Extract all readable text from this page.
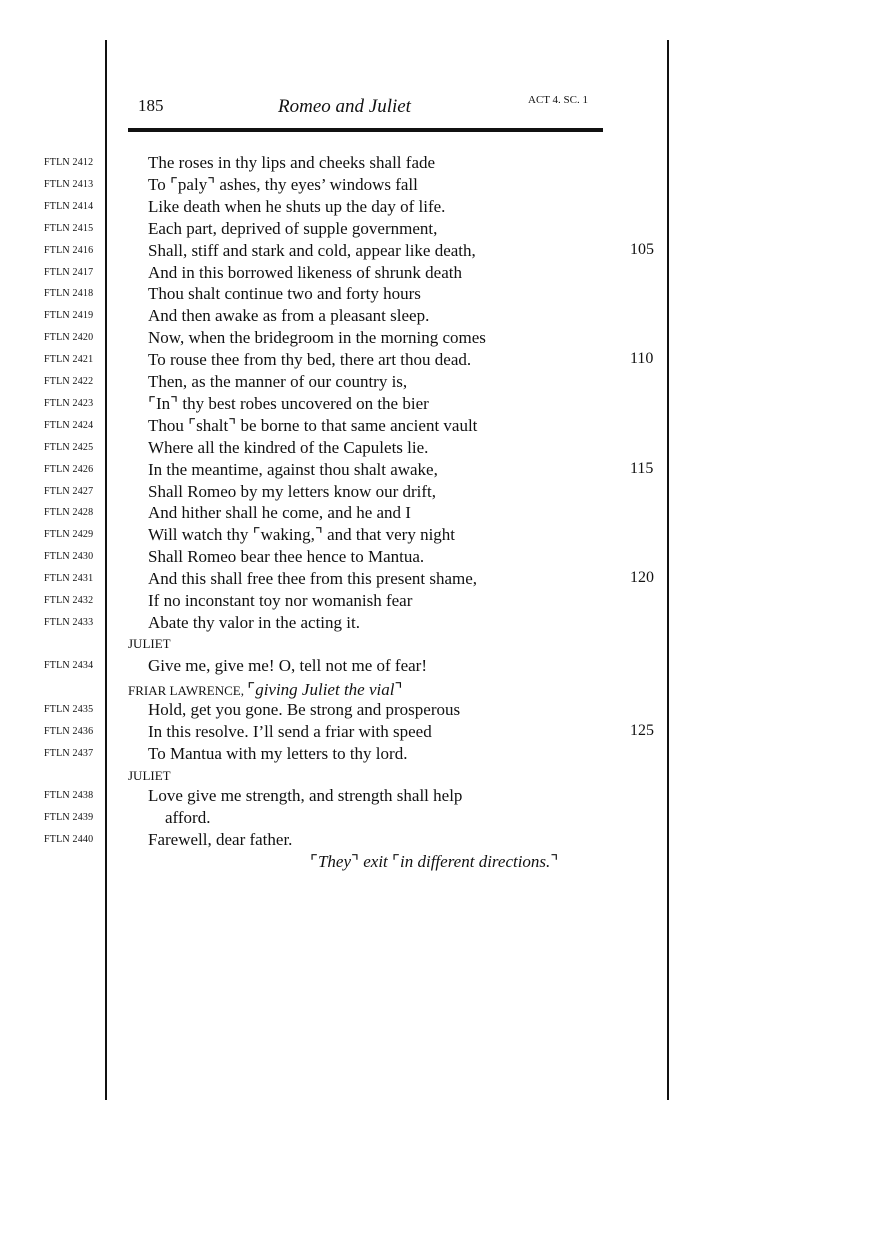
185	Romeo and Juliet	ACT 4. SC. 1
FTLN 2412	The roses in thy lips and cheeks shall fade
FTLN 2413	To ⌜paly⌝ ashes, thy eyes’ windows fall
FTLN 2414	Like death when he shuts up the day of life.
FTLN 2415	Each part, deprived of supple government,
FTLN 2416	Shall, stiff and stark and cold, appear like death,	105
FTLN 2417	And in this borrowed likeness of shrunk death
FTLN 2418	Thou shalt continue two and forty hours
FTLN 2419	And then awake as from a pleasant sleep.
FTLN 2420	Now, when the bridegroom in the morning comes
FTLN 2421	To rouse thee from thy bed, there art thou dead.	110
FTLN 2422	Then, as the manner of our country is,
FTLN 2423	⌜In⌝ thy best robes uncovered on the bier
FTLN 2424	Thou ⌜shalt⌝ be borne to that same ancient vault
FTLN 2425	Where all the kindred of the Capulets lie.
FTLN 2426	In the meantime, against thou shalt awake,	115
FTLN 2427	Shall Romeo by my letters know our drift,
FTLN 2428	And hither shall he come, and he and I
FTLN 2429	Will watch thy ⌜waking,⌝ and that very night
FTLN 2430	Shall Romeo bear thee hence to Mantua.
FTLN 2431	And this shall free thee from this present shame,	120
FTLN 2432	If no inconstant toy nor womanish fear
FTLN 2433	Abate thy valor in the acting it.
JULIET
FTLN 2434	Give me, give me! O, tell not me of fear!
FRIAR LAWRENCE, ⌜giving Juliet the vial⌝
FTLN 2435	Hold, get you gone. Be strong and prosperous
FTLN 2436	In this resolve. I’ll send a friar with speed	125
FTLN 2437	To Mantua with my letters to thy lord.
JULIET
FTLN 2438	Love give me strength, and strength shall help
FTLN 2439	afford.
FTLN 2440	Farewell, dear father.
⌜They⌝ exit ⌜in different directions.⌝
